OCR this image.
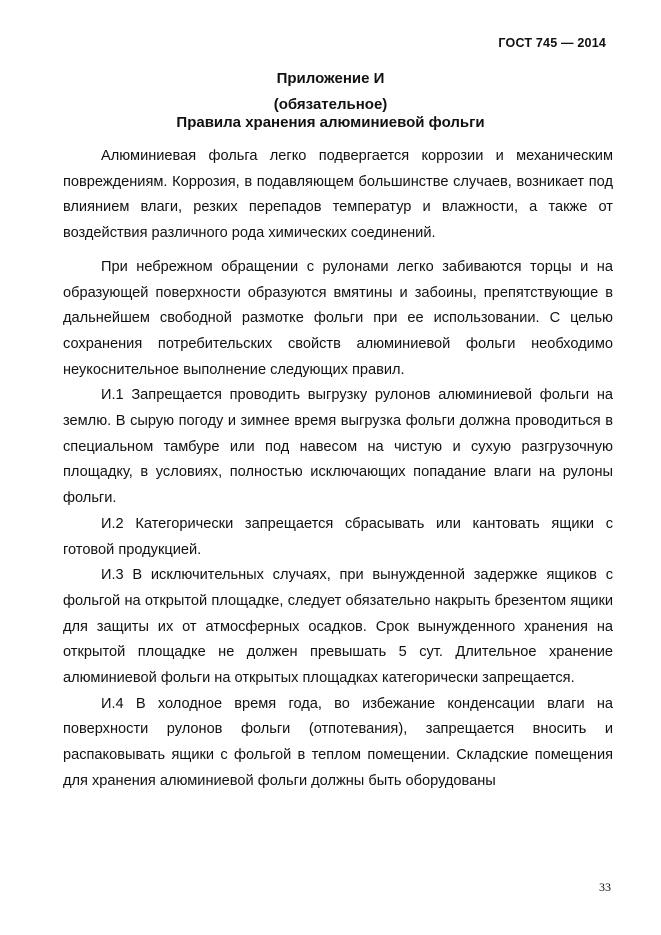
ГОСТ 745 — 2014
Приложение И
(обязательное)
Правила хранения алюминиевой фольги

Алюминиевая фольга легко подвергается коррозии и механическим повреждениям. Коррозия, в подавляющем большинстве случаев, возникает под влиянием влаги, резких перепадов температур и влажности, а также от воздействия различного рода химических соединений.

При небрежном обращении с рулонами легко забиваются торцы и на образующей поверхности образуются вмятины и забоины, препятствующие в дальнейшем свободной размотке фольги при ее использовании. С целью сохранения потребительских свойств алюминиевой фольги необходимо неукоснительное выполнение следующих правил.

И.1 Запрещается проводить выгрузку рулонов алюминиевой фольги на землю. В сырую погоду и зимнее время выгрузка фольги должна проводиться в специальном тамбуре или под навесом на чистую и сухую разгрузочную площадку, в условиях, полностью исключающих попадание влаги на рулоны фольги.

И.2 Категорически запрещается сбрасывать или кантовать ящики с готовой продукцией.

И.3 В исключительных случаях, при вынужденной задержке ящиков с фольгой на открытой площадке, следует обязательно накрыть брезентом ящики для защиты их от атмосферных осадков. Срок вынужденного хранения на открытой площадке не должен превышать 5 сут. Длительное хранение алюминиевой фольги на открытых площадках категорически запрещается.

И.4 В холодное время года, во избежание конденсации влаги на поверхности рулонов фольги (отпотевания), запрещается вносить и распаковывать ящики с фольгой в теплом помещении. Складские помещения для хранения алюминиевой фольги должны быть оборудованы

33
